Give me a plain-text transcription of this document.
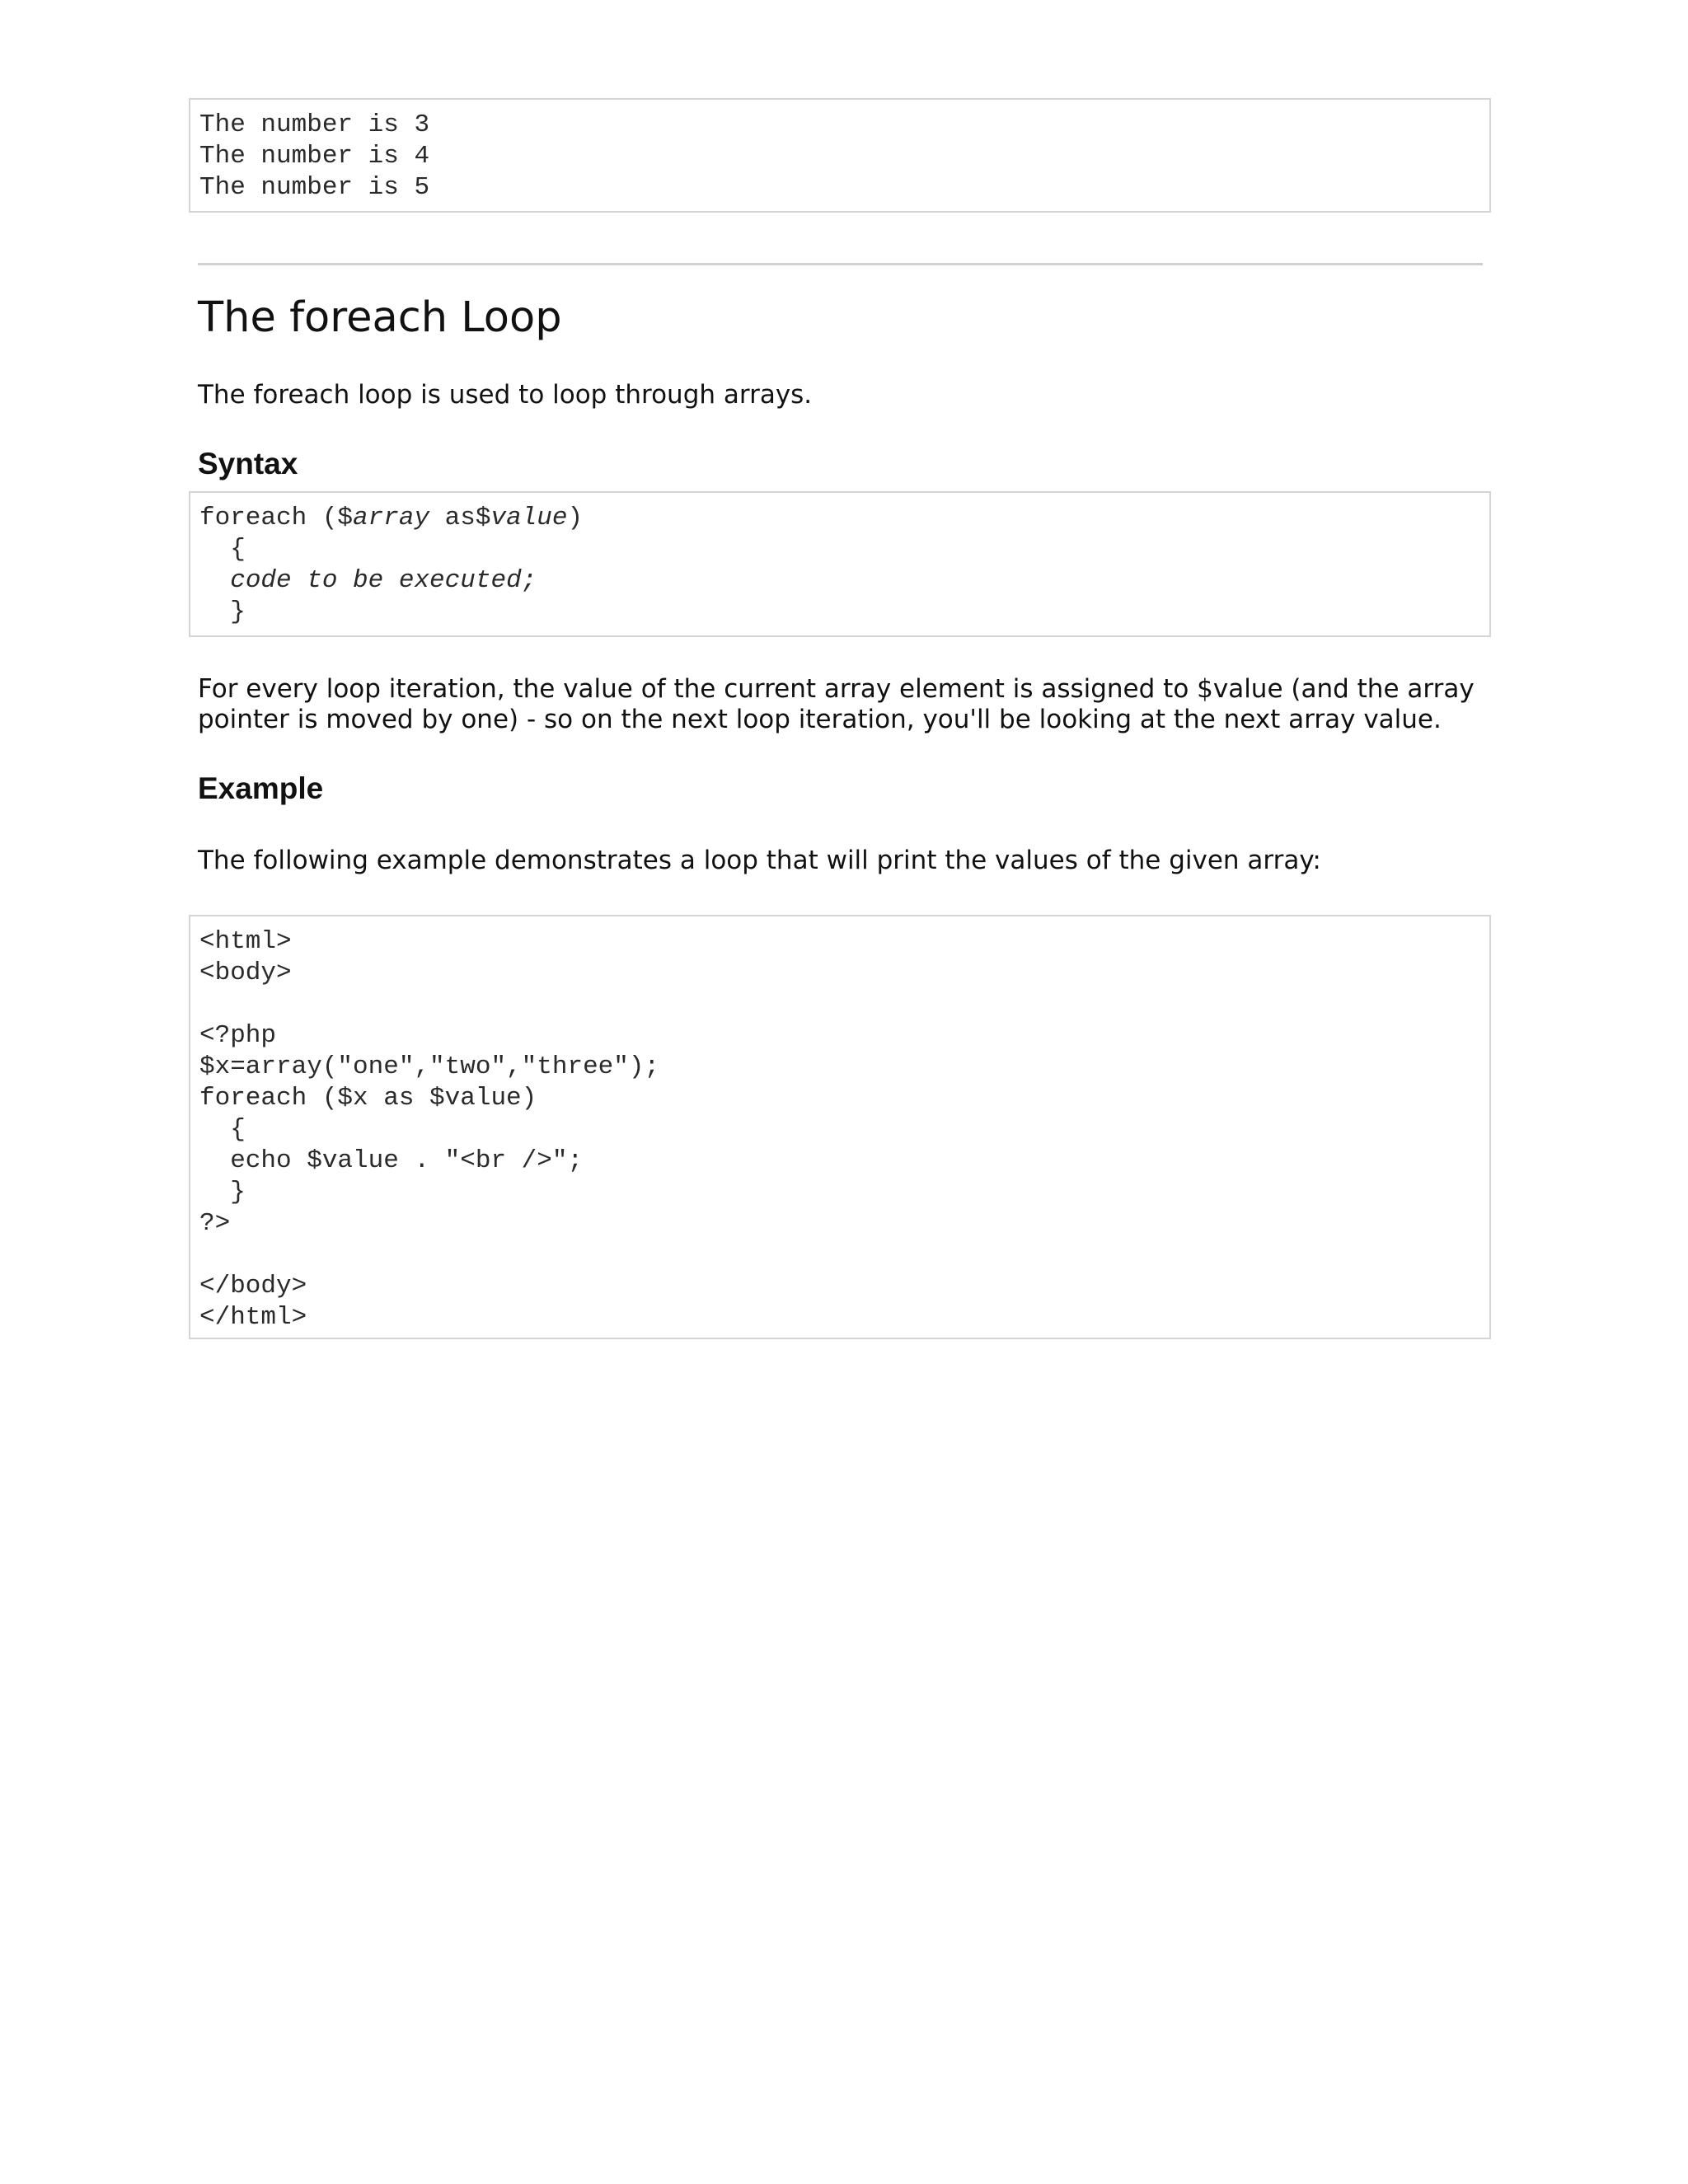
The number is 3
The number is 4
The number is 5
The foreach Loop

The foreach loop is used to loop through arrays.

Syntax
foreach ($array as$value)
{
code to be executed;
}

For every loop iteration, the value of the current array element is assigned to $value (and the array pointer is moved by one) - so on the next loop iteration, you'll be looking at the next array value.

Example

The following example demonstrates a loop that will print the values of the given array:

<html>
<body>
<?php
$x=array("one","two","three");
foreach ($x as $value)
{
echo $value . "<br />";
}
?>
</body>
</html>
